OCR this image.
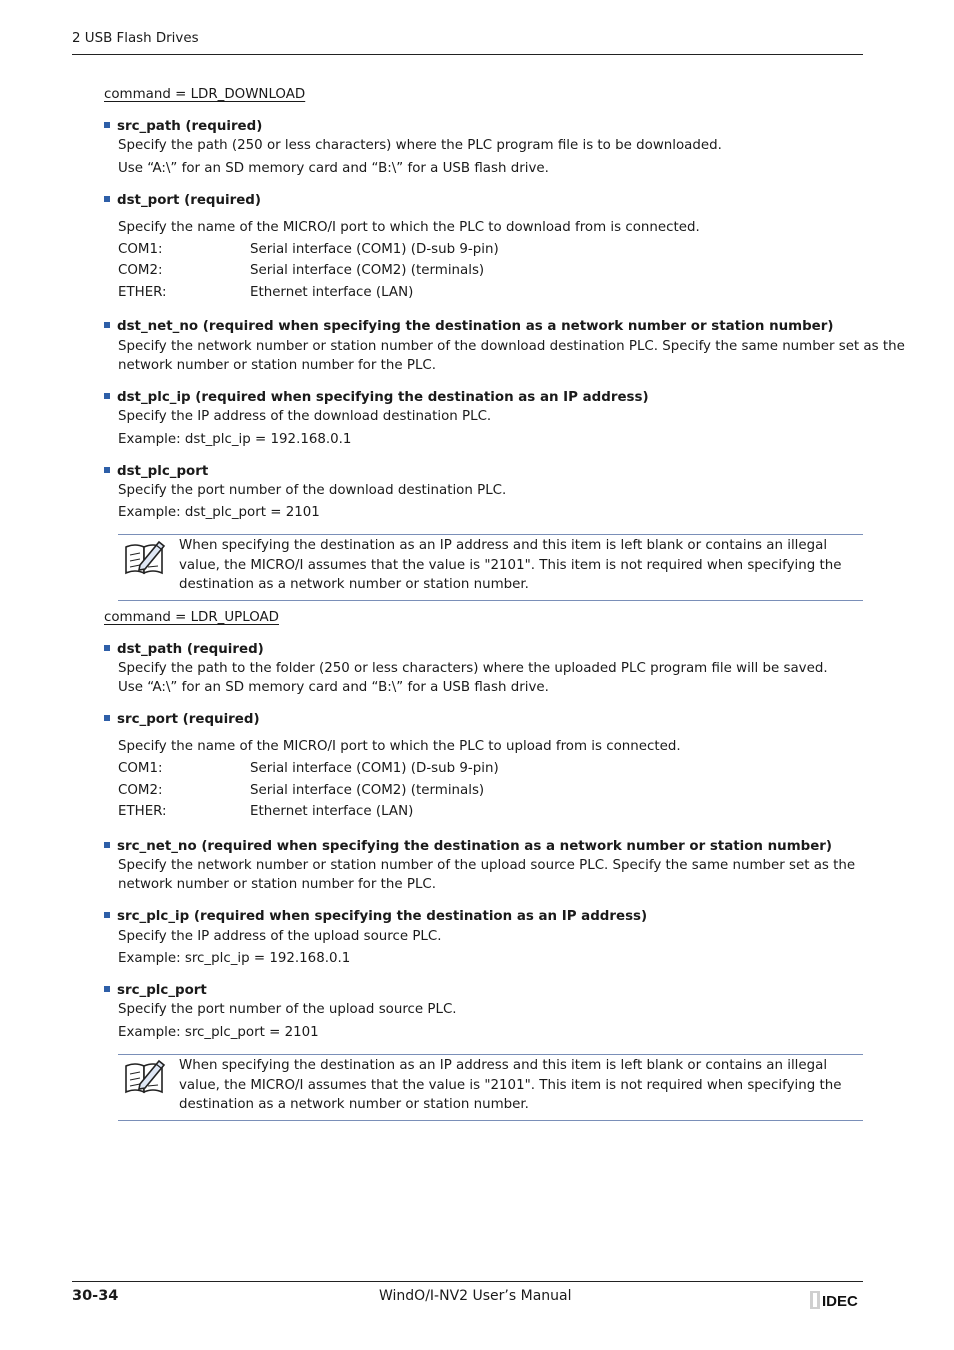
2 USB Flash Drives
command = LDR_DOWNLOAD
src_path (required)
Specify the path (250 or less characters) where the PLC program file is to be downloaded.
Use “A:\” for an SD memory card and “B:\” for a USB flash drive.
dst_port (required)
Specify the name of the MICRO/I port to which the PLC to download from is connected.
COM1:	Serial interface (COM1) (D-sub 9-pin)
COM2:	Serial interface (COM2) (terminals)
ETHER:	Ethernet interface (LAN)
dst_net_no (required when specifying the destination as a network number or station number)
Specify the network number or station number of the download destination PLC. Specify the same number set as the
network number or station number for the PLC.
dst_plc_ip (required when specifying the destination as an IP address)
Specify the IP address of the download destination PLC.
Example: dst_plc_ip = 192.168.0.1
dst_plc_port
Specify the port number of the download destination PLC.
Example: dst_plc_port = 2101
When specifying the destination as an IP address and this item is left blank or contains an illegal value, the MICRO/I assumes that the value is "2101". This item is not required when specifying the destination as a network number or station number.
command = LDR_UPLOAD
dst_path (required)
Specify the path to the folder (250 or less characters) where the uploaded PLC program file will be saved.
Use “A:\” for an SD memory card and “B:\” for a USB flash drive.
src_port (required)
Specify the name of the MICRO/I port to which the PLC to upload from is connected.
COM1:	Serial interface (COM1) (D-sub 9-pin)
COM2:	Serial interface (COM2) (terminals)
ETHER:	Ethernet interface (LAN)
src_net_no (required when specifying the destination as a network number or station number)
Specify the network number or station number of the upload source PLC. Specify the same number set as the
network number or station number for the PLC.
src_plc_ip (required when specifying the destination as an IP address)
Specify the IP address of the upload source PLC.
Example: src_plc_ip = 192.168.0.1
src_plc_port
Specify the port number of the upload source PLC.
Example: src_plc_port = 2101
When specifying the destination as an IP address and this item is left blank or contains an illegal value, the MICRO/I assumes that the value is "2101". This item is not required when specifying the destination as a network number or station number.
30-34	WindO/I-NV2 User’s Manual	IDEC
